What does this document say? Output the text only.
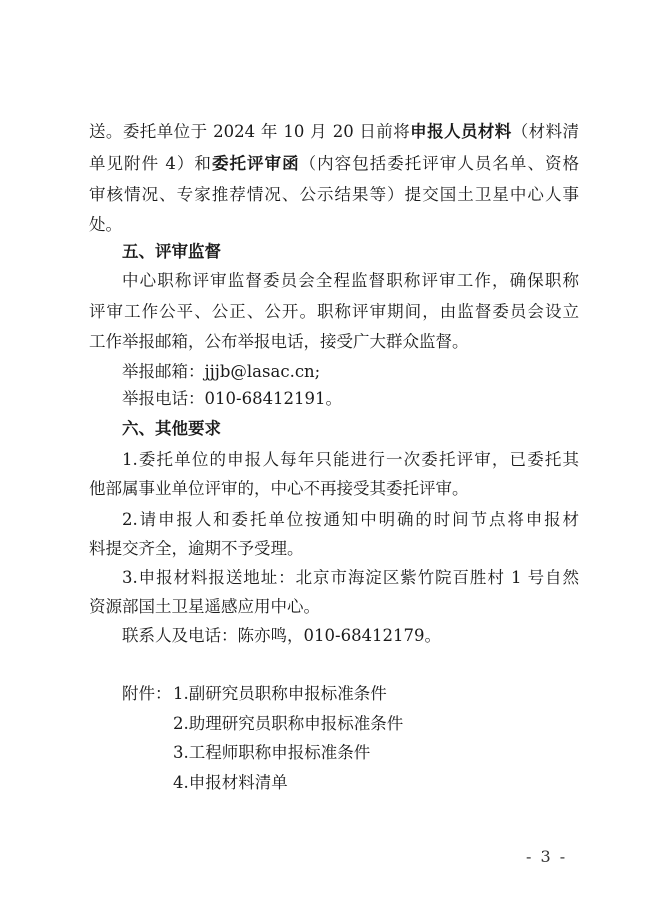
送。委托单位于 2024 年 10 月 20 日前将申报人员材料（材料清
单见附件 4）和委托评审函（内容包括委托评审人员名单、资格
审核情况、专家推荐情况、公示结果等）提交国土卫星中心人事
处。
五、评审监督
中心职称评审监督委员会全程监督职称评审工作，确保职称
评审工作公平、公正、公开。职称评审期间，由监督委员会设立
工作举报邮箱，公布举报电话，接受广大群众监督。
举报邮箱：jjjb@lasac.cn;
举报电话：010-68412191。
六、其他要求
1.委托单位的申报人每年只能进行一次委托评审，已委托其
他部属事业单位评审的，中心不再接受其委托评审。
2.请申报人和委托单位按通知中明确的时间节点将申报材
料提交齐全，逾期不予受理。
3.申报材料报送地址：北京市海淀区紫竹院百胜村 1 号自然
资源部国土卫星遥感应用中心。
联系人及电话：陈亦鸣，010-68412179。
附件： 1.副研究员职称申报标准条件
2.助理研究员职称申报标准条件
3.工程师职称申报标准条件
4.申报材料清单
- 3 -
